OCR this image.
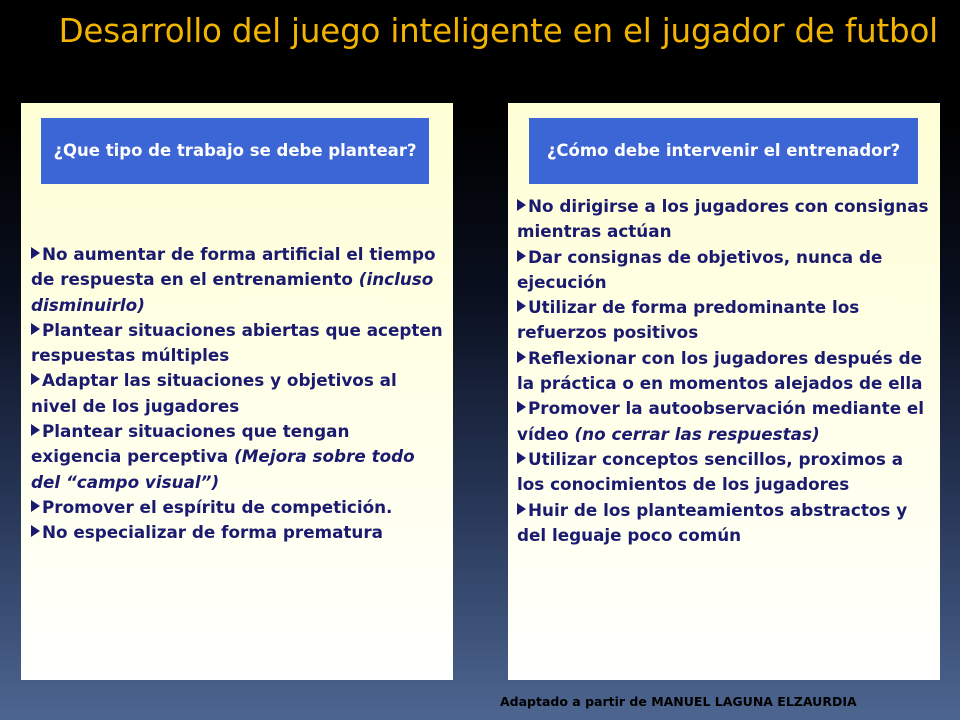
Desarrollo del juego inteligente en el jugador de futbol
¿Que tipo de trabajo se debe plantear?
No aumentar de forma artificial el tiempo de respuesta en el entrenamiento (incluso disminuirlo)
Plantear situaciones abiertas que acepten respuestas múltiples
Adaptar las situaciones y objetivos al nivel de los jugadores
Plantear situaciones que tengan exigencia perceptiva (Mejora sobre todo del “campo visual”)
Promover el espíritu de competición.
No especializar de forma prematura
¿Cómo debe intervenir el entrenador?
No dirigirse a los jugadores con consignas mientras actúan
Dar consignas de objetivos, nunca de ejecución
Utilizar de forma predominante los refuerzos positivos
Reflexionar con los jugadores después de la práctica o en momentos alejados de ella
Promover la autoobservación mediante el vídeo (no cerrar las respuestas)
Utilizar conceptos sencillos, proximos a los conocimientos de los jugadores
Huir de los planteamientos abstractos y del leguaje poco común
Adaptado a partir de MANUEL LAGUNA ELZAURDIA
